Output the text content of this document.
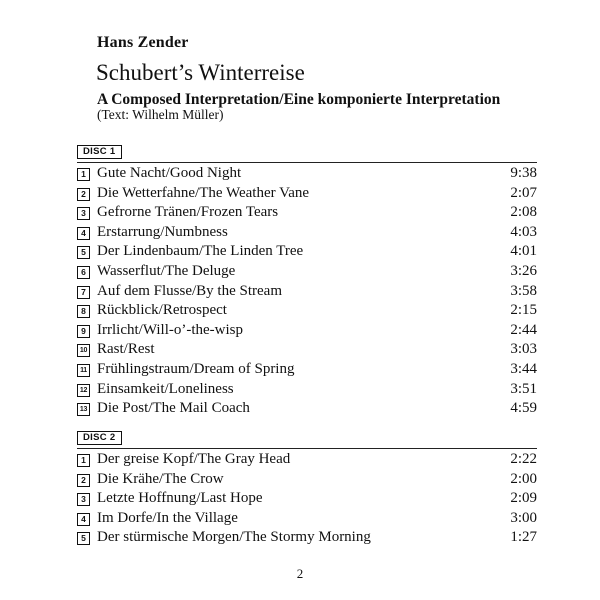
Hans Zender
Schubert’s Winterreise
A Composed Interpretation/Eine komponierte Interpretation
(Text: Wilhelm Müller)
DISC 1
1 Gute Nacht/Good Night	9:38
2 Die Wetterfahne/The Weather Vane	2:07
3 Gefrorne Tränen/Frozen Tears	2:08
4 Erstarrung/Numbness	4:03
5 Der Lindenbaum/The Linden Tree	4:01
6 Wasserflut/The Deluge	3:26
7 Auf dem Flusse/By the Stream	3:58
8 Rückblick/Retrospect	2:15
9 Irrlicht/Will-o’-the-wisp	2:44
10 Rast/Rest	3:03
11 Frühlingstraum/Dream of Spring	3:44
12 Einsamkeit/Loneliness	3:51
13 Die Post/The Mail Coach	4:59
DISC 2
1 Der greise Kopf/The Gray Head	2:22
2 Die Krähe/The Crow	2:00
3 Letzte Hoffnung/Last Hope	2:09
4 Im Dorfe/In the Village	3:00
5 Der stürmische Morgen/The Stormy Morning	1:27
2
